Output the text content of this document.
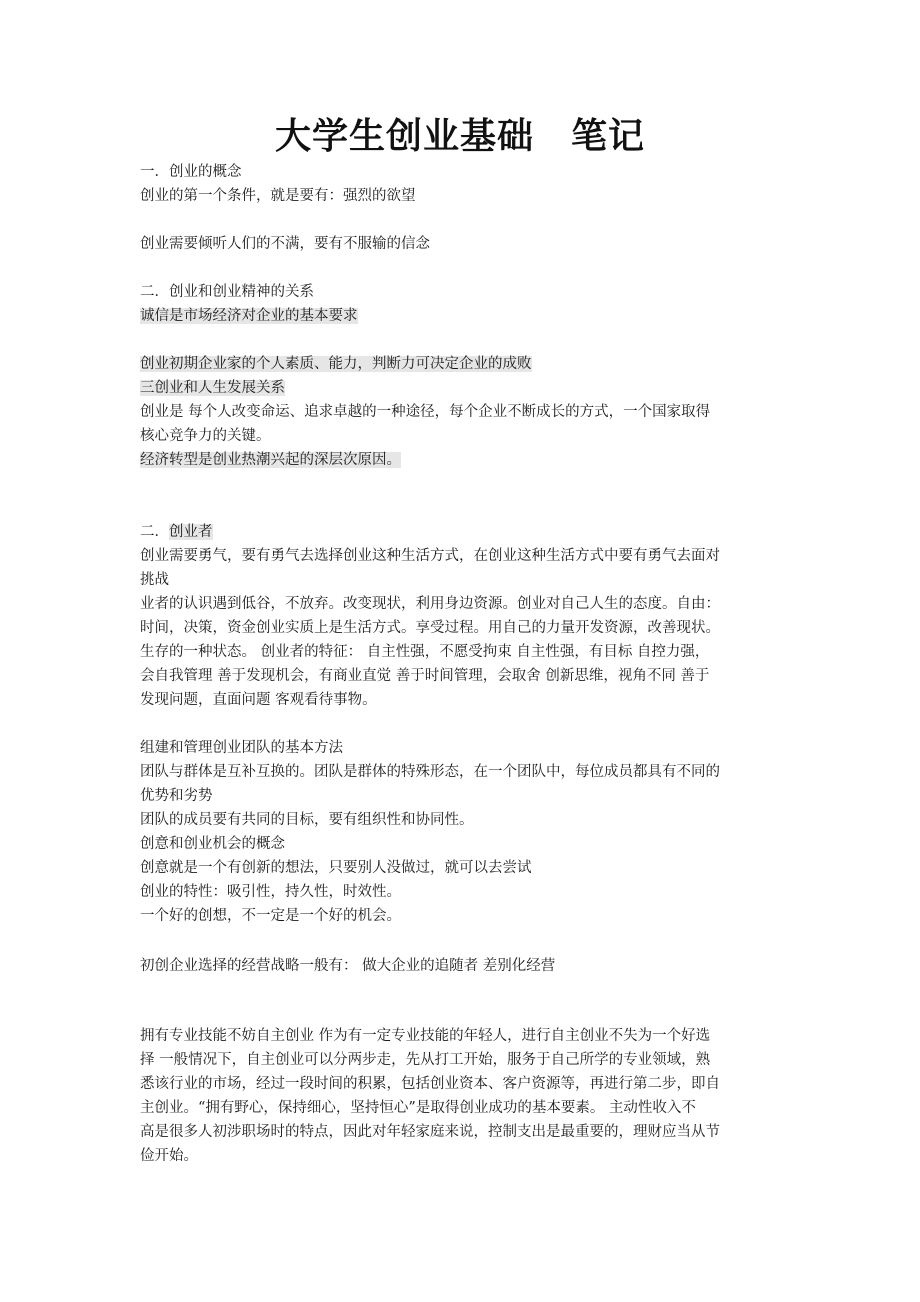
大学生创业基础　笔记
一．创业的概念
创业的第一个条件，就是要有：强烈的欲望
创业需要倾听人们的不满，要有不服输的信念
二．创业和创业精神的关系
诚信是市场经济对企业的基本要求
创业初期企业家的个人素质、能力，判断力可决定企业的成败
三创业和人生发展关系
创业是 每个人改变命运、追求卓越的一种途径，每个企业不断成长的方式，一个国家取得
核心竞争力的关键。
经济转型是创业热潮兴起的深层次原因。
二．创业者
创业需要勇气，要有勇气去选择创业这种生活方式，在创业这种生活方式中要有勇气去面对
挑战
业者的认识遇到低谷，不放弃。改变现状，利用身边资源。创业对自己人生的态度。自由：
时间，决策，资金创业实质上是生活方式。享受过程。用自己的力量开发资源，改善现状。
生存的一种状态。 创业者的特征： 自主性强，不愿受拘束 自主性强，有目标 自控力强，
会自我管理 善于发现机会，有商业直觉 善于时间管理，会取舍 创新思维，视角不同 善于
发现问题，直面问题 客观看待事物。
组建和管理创业团队的基本方法
团队与群体是互补互换的。团队是群体的特殊形态，在一个团队中，每位成员都具有不同的
优势和劣势
团队的成员要有共同的目标，要有组织性和协同性。
创意和创业机会的概念
创意就是一个有创新的想法，只要别人没做过，就可以去尝试
创业的特性：吸引性，持久性，时效性。
一个好的创想，不一定是一个好的机会。
初创企业选择的经营战略一般有： 做大企业的追随者 差别化经营
拥有专业技能不妨自主创业 作为有一定专业技能的年轻人，进行自主创业不失为一个好选
择 一般情况下，自主创业可以分两步走，先从打工开始，服务于自己所学的专业领域，熟
悉该行业的市场，经过一段时间的积累，包括创业资本、客户资源等，再进行第二步，即自
主创业。“拥有野心，保持细心，坚持恒心”是取得创业成功的基本要素。 主动性收入不
高是很多人初涉职场时的特点，因此对年轻家庭来说，控制支出是最重要的，理财应当从节
俭开始。
